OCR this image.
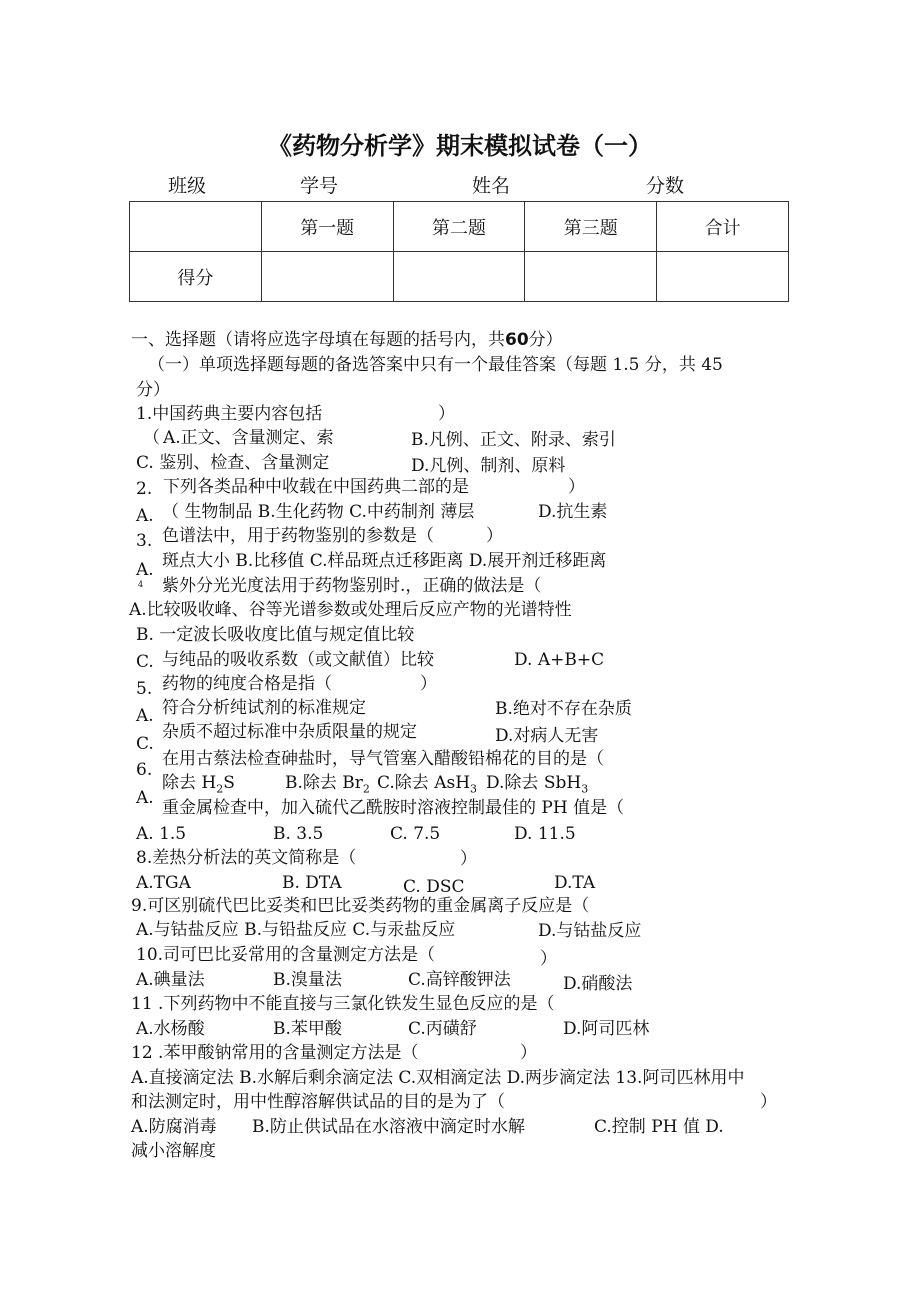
《药物分析学》期末模拟试卷（一）
班级	学号	姓名	分数
	第一题	第二题	第三题	合计
得分				
一、选择题（请将应选字母填在每题的括号内，共60分）
（一）单项选择题每题的备选答案中只有一个最佳答案（每题 1.5 分，共 45
分）
1.中国药典主要内容包括	）
（ A.正文、含量测定、索	B.凡例、正文、附录、索引
C. 鉴别、检查、含量测定	D.凡例、制剂、原料
2. 下列各类品种中收载在中国药典二部的是	）
A. （ 生物制品 B.生化药物 C.中药制剂 薄层	D.抗生素
3. 色谱法中，用于药物鉴别的参数是（	）
A. 斑点大小 B.比移值 C.样品斑点迁移距离 D.展开剂迁移距离
4 紫外分光光度法用于药物鉴别时.，正确的做法是（
A.比较吸收峰、谷等光谱参数或处理后反应产物的光谱特性
B. 一定波长吸收度比值与规定值比较
C. 与纯品的吸收系数（或文献值）比较	D. A+B+C
5. 药物的纯度合格是指（	）
A. 符合分析纯试剂的标准规定	B.绝对不存在杂质
C.
杂质不超过标准中杂质限量的规定	D.对病人无害
6.
在用古蔡法检查砷盐时，导气管塞入醋酸铅棉花的目的是（
A.
除去 $H_2S$	B.除去 $Br_2$ C.除去 AsH$_3$ D.除去 SbH$_3$
重金属检查中，加入硫代乙酰胺时溶液控制最佳的 PH 值是（
A. 1.5	B. 3.5	C. 7.5	D. 11.5
8.差热分析法的英文简称是（	）
A.TGA	B. DTA	C. DSC	D.TA
9.可区别硫代巴比妥类和巴比妥类药物的重金属离子反应是（
A.与钴盐反应 B.与铅盐反应 C.与汞盐反应	D.与钴盐反应
10.司可巴比妥常用的含量测定方法是（	）
A.碘量法	B.溴量法	C.高锌酸钾法	D.硝酸法
11 .下列药物中不能直接与三氯化铁发生显色反应的是（
A.水杨酸	B.苯甲酸	C.丙磺舒	D.阿司匹林
12 .苯甲酸钠常用的含量测定方法是（	）
A.直接滴定法 B.水解后剩余滴定法 C.双相滴定法 D.两步滴定法 13.阿司匹林用中
和法测定时，用中性醇溶解供试品的目的是为了（	）
A.防腐消毒 B.防止供试品在水溶液中滴定时水解	C.控制 PH 值 D.
减小溶解度
